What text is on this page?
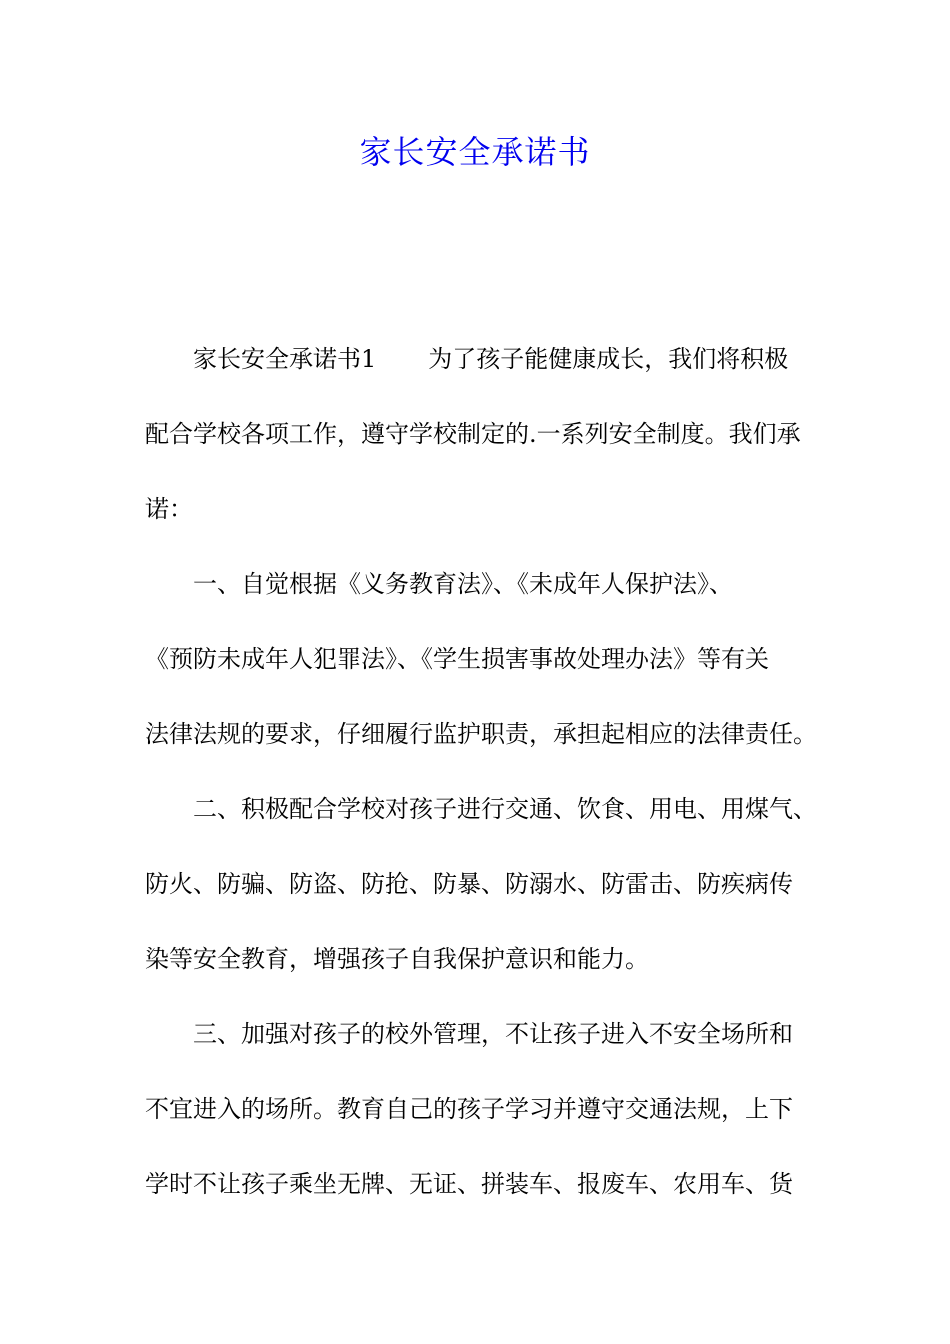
家长安全承诺书
家长安全承诺书1 为了孩子能健康成长，我们将积极
配合学校各项工作，遵守学校制定的.一系列安全制度。我们承
诺：
一、自觉根据《义务教育法》、《未成年人保护法》、
《预防未成年人犯罪法》、《学生损害事故处理办法》等有关
法律法规的要求，仔细履行监护职责，承担起相应的法律责任。
二、积极配合学校对孩子进行交通、饮食、用电、用煤气、
防火、防骗、防盗、防抢、防暴、防溺水、防雷击、防疾病传
染等安全教育，增强孩子自我保护意识和能力。
三、加强对孩子的校外管理，不让孩子进入不安全场所和
不宜进入的场所。教育自己的孩子学习并遵守交通法规，上下
学时不让孩子乘坐无牌、无证、拼装车、报废车、农用车、货
